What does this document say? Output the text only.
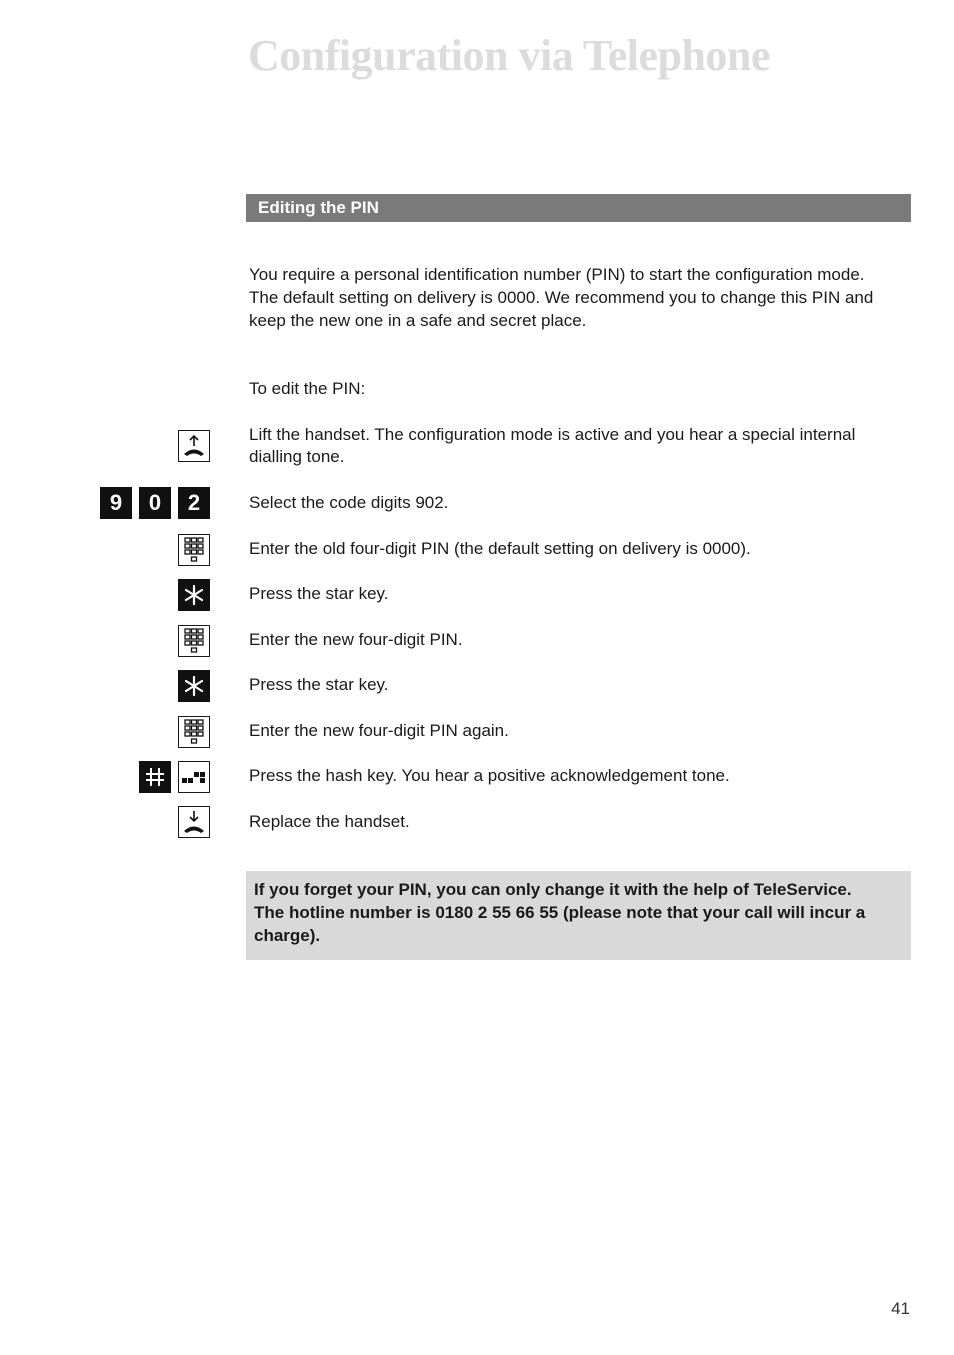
Configuration via Telephone
Editing the PIN

You require a personal identification number (PIN) to start the configuration mode.
The default setting on delivery is 0000. We recommend you to change this PIN and
keep the new one in a safe and secret place.

To edit the PIN:
Lift the handset. The configuration mode is active and you hear a special internal dialling tone.
9	0	2	Select the code digits 902.
Enter the old four-digit PIN (the default setting on delivery is 0000).
Press the star key.
Enter the new four-digit PIN.
Press the star key.
Enter the new four-digit PIN again.
Press the hash key. You hear a positive acknowledgement tone.
Replace the handset.
If you forget your PIN, you can only change it with the help of TeleService.
The hotline number is 0180 2 55 66 55 (please note that your call will incur a
charge).
41
